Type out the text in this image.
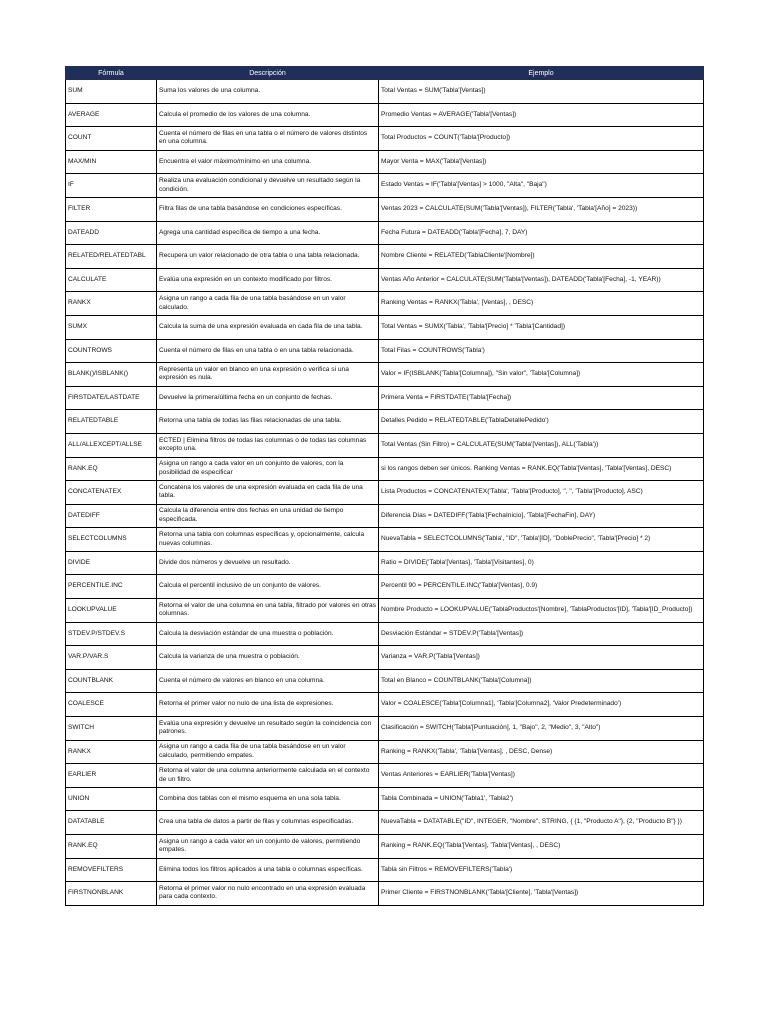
Fórmula	Descripción	Ejemplo
SUM	Suma los valores de una columna.	Total Ventas = SUM('Tabla'[Ventas])
AVERAGE	Calcula el promedio de los valores de una columna.	Promedio Ventas = AVERAGE('Tabla'[Ventas])
COUNT	Cuenta el número de filas en una tabla o el número de valores distintos en una columna.	Total Productos = COUNT('Tabla'[Producto])
MAX/MIN	Encuentra el valor máximo/mínimo en una columna.	Mayor Venta = MAX('Tabla'[Ventas])
IF	Realiza una evaluación condicional y devuelve un resultado según la condición.	Estado Ventas = IF('Tabla'[Ventas] > 1000, "Alta", "Baja")
FILTER	Filtra filas de una tabla basándose en condiciones específicas.	Ventas 2023 = CALCULATE(SUM('Tabla'[Ventas]), FILTER('Tabla', 'Tabla'[Año] = 2023))
DATEADD	Agrega una cantidad específica de tiempo a una fecha.	Fecha Futura = DATEADD('Tabla'[Fecha], 7, DAY)
RELATED/RELATEDTABL	Recupera un valor relacionado de otra tabla o una tabla relacionada.	Nombre Cliente = RELATED('TablaCliente'[Nombre])
CALCULATE	Evalúa una expresión en un contexto modificado por filtros.	Ventas Año Anterior = CALCULATE(SUM('Tabla'[Ventas]), DATEADD('Tabla'[Fecha], -1, YEAR))
RANKX	Asigna un rango a cada fila de una tabla basándose en un valor calculado.	Ranking Ventas = RANKX('Tabla', [Ventas], , DESC)
SUMX	Calcula la suma de una expresión evaluada en cada fila de una tabla.	Total Ventas = SUMX('Tabla', 'Tabla'[Precio] * 'Tabla'[Cantidad])
COUNTROWS	Cuenta el número de filas en una tabla o en una tabla relacionada.	Total Filas = COUNTROWS('Tabla')
BLANK()/ISBLANK()	Representa un valor en blanco en una expresión o verifica si una expresión es nula.	Valor = IF(ISBLANK('Tabla'[Columna]), "Sin valor", 'Tabla'[Columna])
FIRSTDATE/LASTDATE	Devuelve la primera/última fecha en un conjunto de fechas.	Primera Venta = FIRSTDATE('Tabla'[Fecha])
RELATEDTABLE	Retorna una tabla de todas las filas relacionadas de una tabla.	Detalles Pedido = RELATEDTABLE('TablaDetallePedido')
ALL/ALLEXCEPT/ALLSE	ECTED | Elimina filtros de todas las columnas o de todas las columnas excepto una.	Total Ventas (Sin Filtro) = CALCULATE(SUM('Tabla'[Ventas]), ALL('Tabla'))
RANK.EQ	Asigna un rango a cada valor en un conjunto de valores, con la posibilidad de especificar	si los rangos deben ser únicos. Ranking Ventas = RANK.EQ('Tabla'[Ventas], 'Tabla'[Ventas], DESC)
CONCATENATEX	Concatena los valores de una expresión evaluada en cada fila de una tabla.	Lista Productos = CONCATENATEX('Tabla', 'Tabla'[Producto], ", ", 'Tabla'[Producto], ASC)
DATEDIFF	Calcula la diferencia entre dos fechas en una unidad de tiempo especificada.	Diferencia Días = DATEDIFF('Tabla'[FechaInicio], 'Tabla'[FechaFin], DAY)
SELECTCOLUMNS	Retorna una tabla con columnas específicas y, opcionalmente, calcula nuevas columnas.	NuevaTabla = SELECTCOLUMNS('Tabla', "ID", 'Tabla'[ID], "DoblePrecio", 'Tabla'[Precio] * 2)
DIVIDE	Divide dos números y devuelve un resultado.	Ratio = DIVIDE('Tabla'[Ventas], 'Tabla'[Visitantes], 0)
PERCENTILE.INC	Calcula el percentil inclusivo de un conjunto de valores.	Percentil 90 = PERCENTILE.INC('Tabla'[Ventas], 0.9)
LOOKUPVALUE	Retorna el valor de una columna en una tabla, filtrado por valores en otras columnas.	Nombre Producto = LOOKUPVALUE('TablaProductos'[Nombre], 'TablaProductos'[ID], 'Tabla'[ID_Producto])
STDEV.P/STDEV.S	Calcula la desviación estándar de una muestra o población.	Desviación Estándar = STDEV.P('Tabla'[Ventas])
VAR.P/VAR.S	Calcula la varianza de una muestra o población.	Varianza = VAR.P('Tabla'[Ventas])
COUNTBLANK	Cuenta el número de valores en blanco en una columna.	Total en Blanco = COUNTBLANK('Tabla'[Columna])
COALESCE	Retorna el primer valor no nulo de una lista de expresiones.	Valor = COALESCE('Tabla'[Columna1], 'Tabla'[Columna2], 'Valor Predeterminado')
SWITCH	Evalúa una expresión y devuelve un resultado según la coincidencia con patrones.	Clasificación = SWITCH('Tabla'[Puntuación], 1, "Bajo", 2, "Medio", 3, "Alto")
RANKX	Asigna un rango a cada fila de una tabla basándose en un valor calculado, permitiendo empates.	Ranking = RANKX('Tabla', 'Tabla'[Ventas], , DESC, Dense)
EARLIER	Retorna el valor de una columna anteriormente calculada en el contexto de un filtro.	Ventas Anteriores = EARLIER('Tabla'[Ventas])
UNION	Combina dos tablas con el mismo esquema en una sola tabla.	Tabla Combinada = UNION('Tabla1', 'Tabla2')
DATATABLE	Crea una tabla de datos a partir de filas y columnas especificadas.	NuevaTabla = DATATABLE("ID", INTEGER, "Nombre", STRING, { {1, "Producto A"}, {2, "Producto B"} })
RANK.EQ	Asigna un rango a cada valor en un conjunto de valores, permitiendo empates.	Ranking = RANK.EQ('Tabla'[Ventas], 'Tabla'[Ventas], , DESC)
REMOVEFILTERS	Elimina todos los filtros aplicados a una tabla o columnas específicas.	Tabla sin Filtros = REMOVEFILTERS('Tabla')
FIRSTNONBLANK	Retorna el primer valor no nulo encontrado en una expresión evaluada para cada contexto.	Primer Cliente = FIRSTNONBLANK('Tabla'[Cliente], 'Tabla'[Ventas])
